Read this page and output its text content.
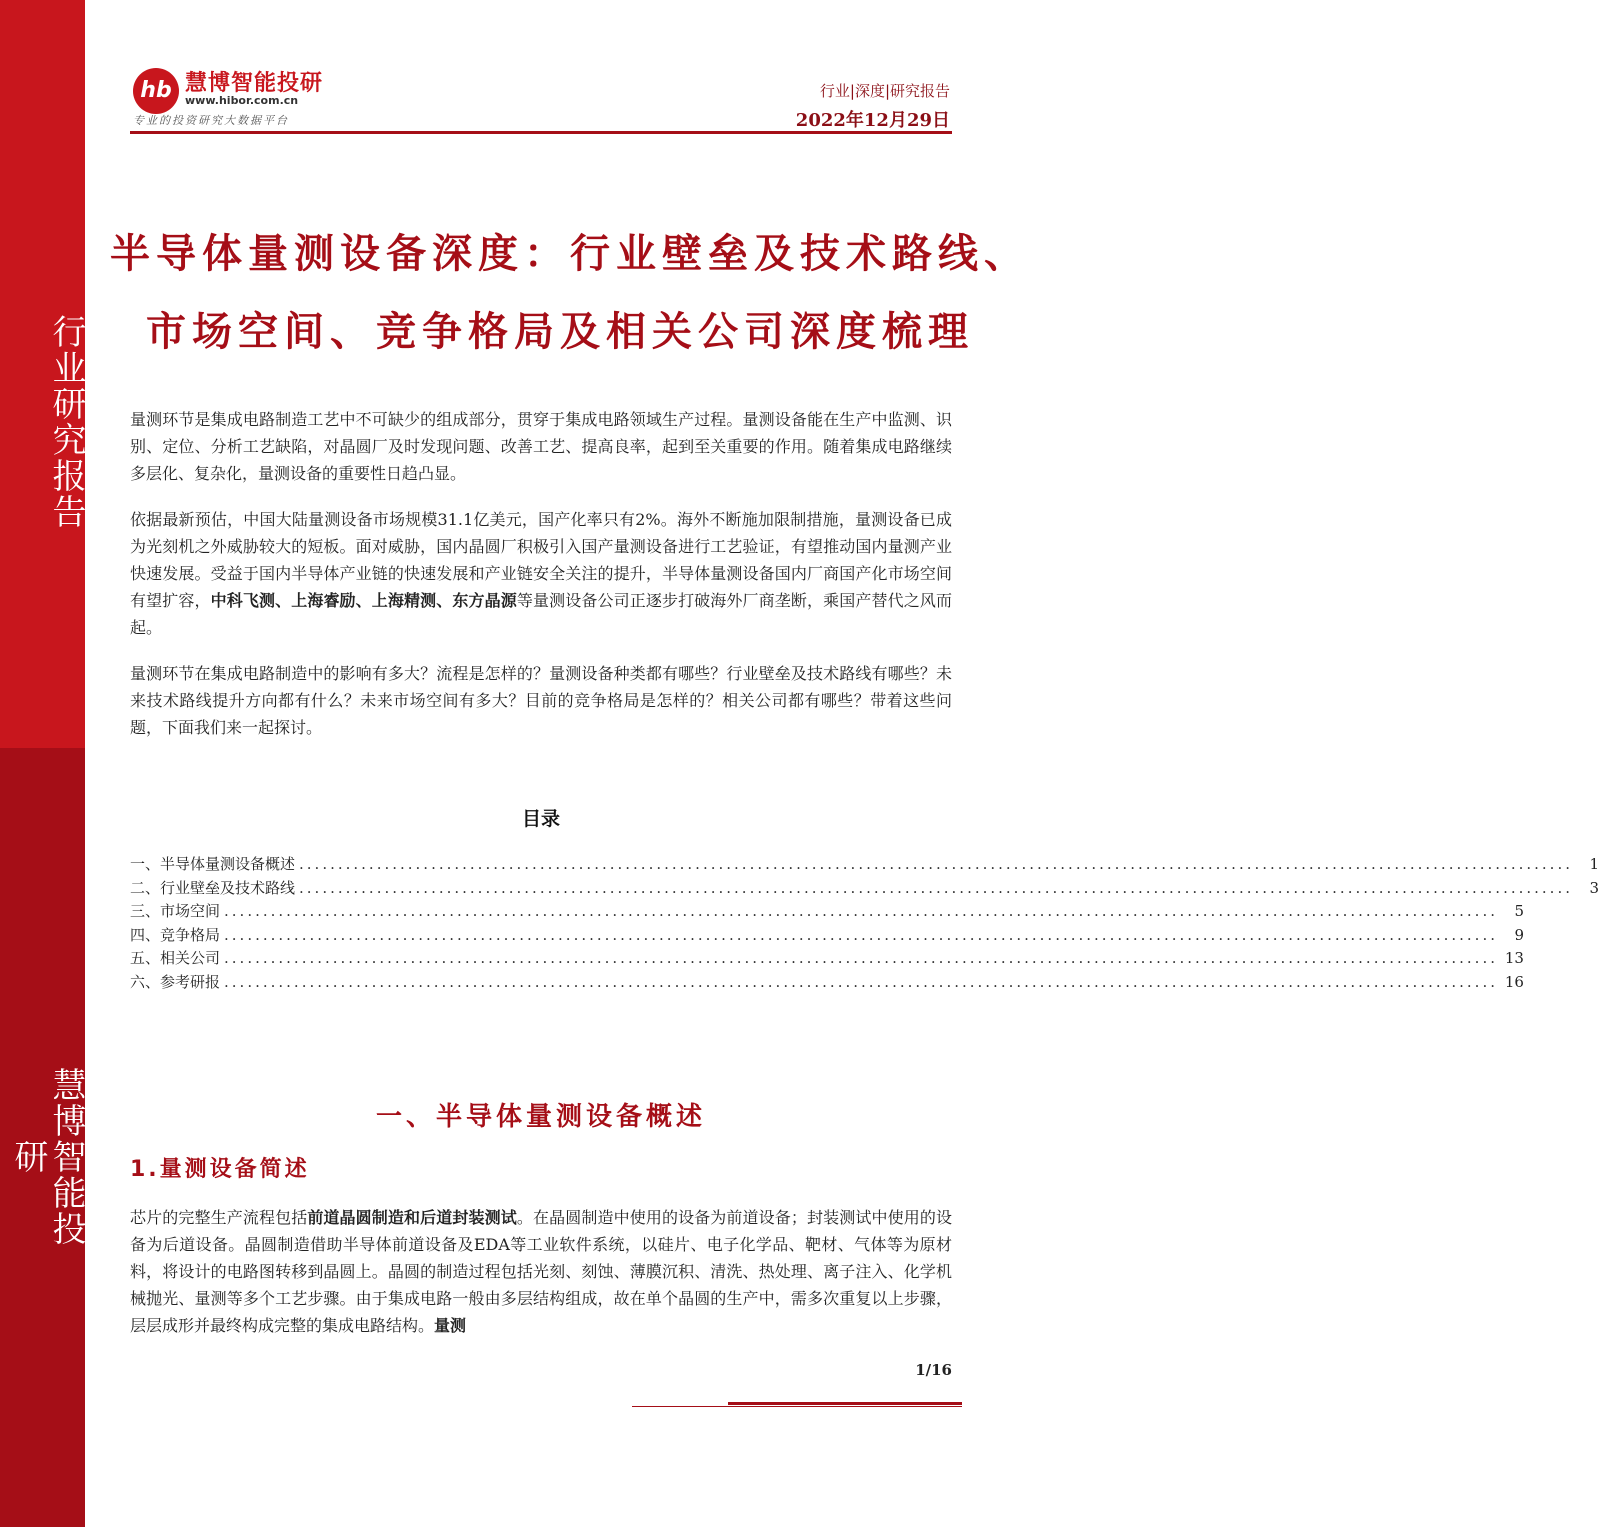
行业研究报告
慧博智能投研
hb 慧博智能投研
www.hibor.com.cn
专业的投资研究大数据平台
行业|深度|研究报告
2022年12月29日
半导体量测设备深度：行业壁垒及技术路线、
市场空间、竞争格局及相关公司深度梳理

量测环节是集成电路制造工艺中不可缺少的组成部分，贯穿于集成电路领域生产过程。量测设备能在生产中监测、识别、定位、分析工艺缺陷，对晶圆厂及时发现问题、改善工艺、提高良率，起到至关重要的作用。随着集成电路继续多层化、复杂化，量测设备的重要性日趋凸显。

依据最新预估，中国大陆量测设备市场规模31.1亿美元，国产化率只有2%。海外不断施加限制措施，量测设备已成为光刻机之外威胁较大的短板。面对威胁，国内晶圆厂积极引入国产量测设备进行工艺验证，有望推动国内量测产业快速发展。受益于国内半导体产业链的快速发展和产业链安全关注的提升，半导体量测设备国内厂商国产化市场空间有望扩容，中科飞测、上海睿励、上海精测、东方晶源等量测设备公司正逐步打破海外厂商垄断，乘国产替代之风而起。

量测环节在集成电路制造中的影响有多大？流程是怎样的？量测设备种类都有哪些？行业壁垒及技术路线有哪些？未来技术路线提升方向都有什么？未来市场空间有多大？目前的竞争格局是怎样的？相关公司都有哪些？带着这些问题，下面我们来一起探讨。

目录
一、半导体量测设备概述 ....................................................................................................................................................................	1
二、行业壁垒及技术路线 ....................................................................................................................................................................	3
三、市场空间 ....................................................................................................................................................................	5
四、竞争格局 ....................................................................................................................................................................	9
五、相关公司 .................................................................................................................................................................... 13
六、参考研报 .................................................................................................................................................................... 16
一、半导体量测设备概述
1.量测设备简述

芯片的完整生产流程包括前道晶圆制造和后道封装测试。在晶圆制造中使用的设备为前道设备；封装测试中使用的设备为后道设备。晶圆制造借助半导体前道设备及EDA等工业软件系统，以硅片、电子化学品、靶材、气体等为原材料，将设计的电路图转移到晶圆上。晶圆的制造过程包括光刻、刻蚀、薄膜沉积、清洗、热处理、离子注入、化学机械抛光、量测等多个工艺步骤。由于集成电路一般由多层结构组成，故在单个晶圆的生产中，需多次重复以上步骤，层层成形并最终构成完整的集成电路结构。量测

1/16
